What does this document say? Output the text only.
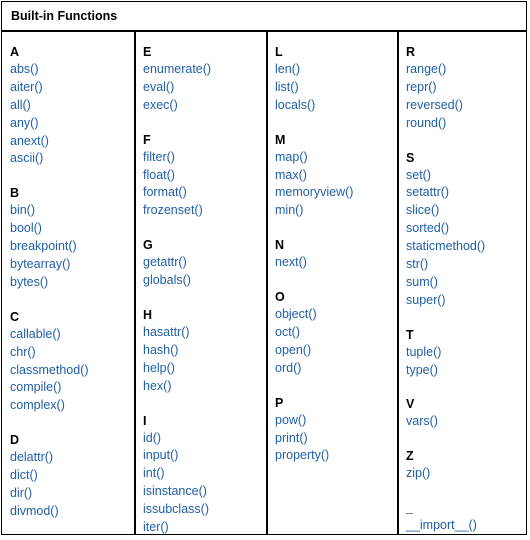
Built-in Functions
A
abs()
aiter()
all()
any()
anext()
ascii()
B
bin()
bool()
breakpoint()
bytearray()
bytes()
C
callable()
chr()
classmethod()
compile()
complex()
D
delattr()
dict()
dir()
divmod()
E
enumerate()
eval()
exec()
F
filter()
float()
format()
frozenset()
G
getattr()
globals()
H
hasattr()
hash()
help()
hex()
I
id()
input()
int()
isinstance()
issubclass()
iter()
L
len()
list()
locals()
M
map()
max()
memoryview()
min()
N
next()
O
object()
oct()
open()
ord()
P
pow()
print()
property()
R
range()
repr()
reversed()
round()
S
set()
setattr()
slice()
sorted()
staticmethod()
str()
sum()
super()
T
tuple()
type()
V
vars()
Z
zip()
_
__import__()
